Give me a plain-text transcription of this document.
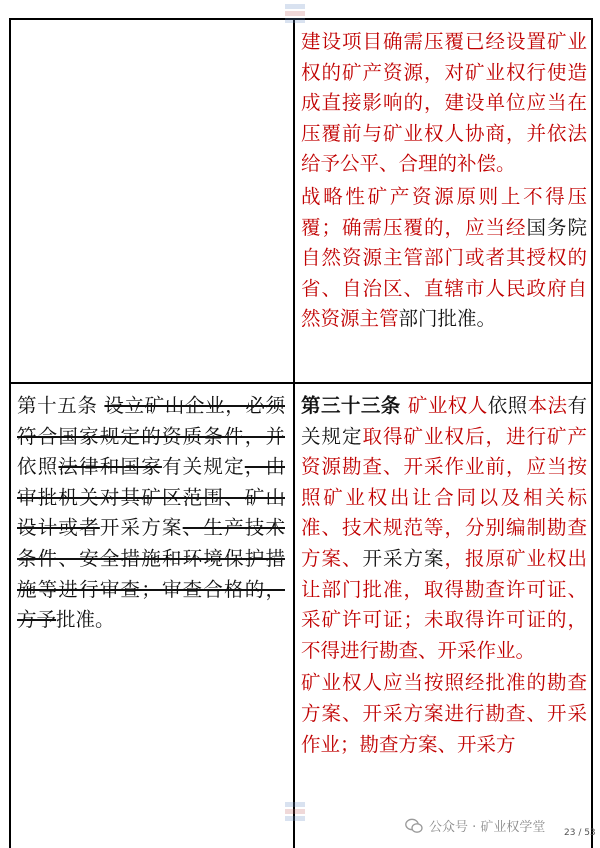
建设项目确需压覆已经设置矿业权的矿产资源，对矿业权行使造成直接影响的，建设单位应当在压覆前与矿业权人协商，并依法给予公平、合理的补偿。

战略性矿产资源原则上不得压覆；确需压覆的，应当经国务院自然资源主管部门或者其授权的省、自治区、直辖市人民政府自然资源主管部门批准。

第十五条 设立矿山企业，必须符合国家规定的资质条件，并依照法律和国家有关规定，由审批机关对其矿区范围、矿山设计或者开采方案、生产技术条件、安全措施和环境保护措施等进行审查；审查合格的，方予批准。

第三十三条 矿业权人依照本法有关规定取得矿业权后，进行矿产资源勘查、开采作业前，应当按照矿业权出让合同以及相关标准、技术规范等，分别编制勘查方案、开采方案，报原矿业权出让部门批准，取得勘查许可证、采矿许可证；未取得许可证的，不得进行勘查、开采作业。

矿业权人应当按照经批准的勘查方案、开采方案进行勘查、开采作业；勘查方案、开采方

公众号 · 矿业权学堂 23 / 53
